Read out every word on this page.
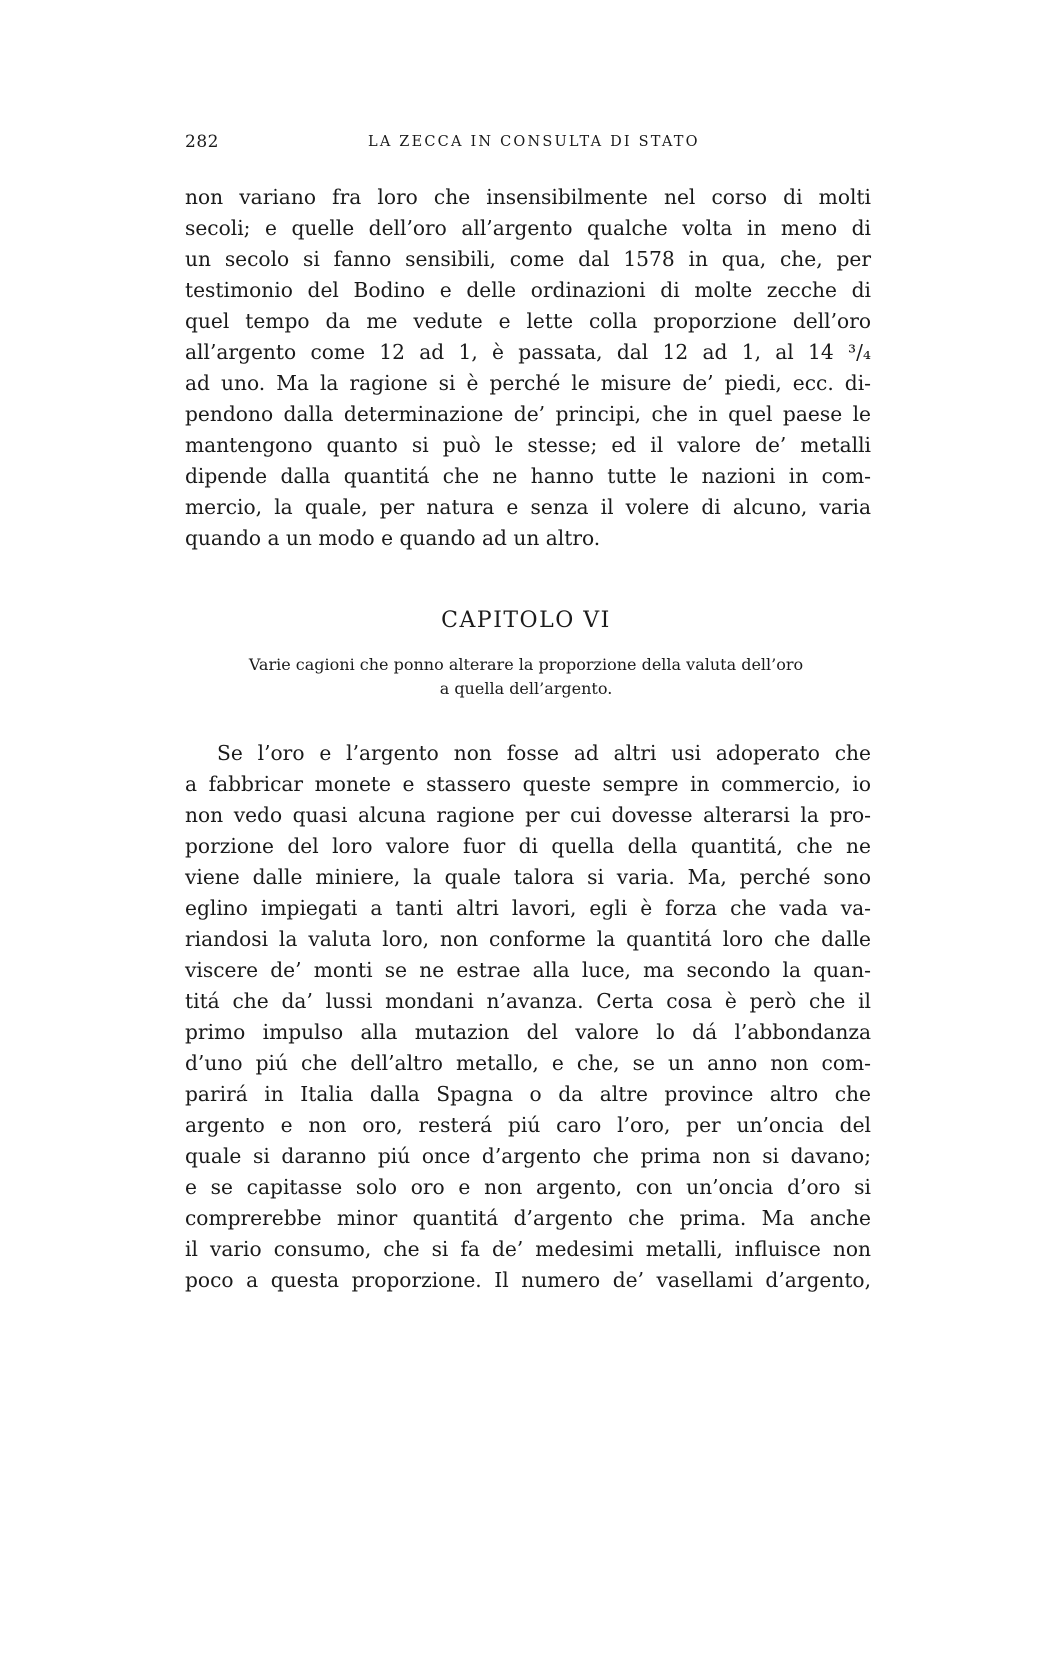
282	LA ZECCA IN CONSULTA DI STATO
non variano fra loro che insensibilmente nel corso di molti
secoli; e quelle dell’oro all’argento qualche volta in meno di
un secolo si fanno sensibili, come dal 1578 in qua, che, per
testimonio del Bodino e delle ordinazioni di molte zecche di
quel tempo da me vedute e lette colla proporzione dell’oro
all’argento come 12 ad 1, è passata, dal 12 ad 1, al 14 ³/₄
ad uno. Ma la ragione si è perché le misure de’ piedi, ecc. di-
pendono dalla determinazione de’ principi, che in quel paese le
mantengono quanto si può le stesse; ed il valore de’ metalli
dipende dalla quantitá che ne hanno tutte le nazioni in com-
mercio, la quale, per natura e senza il volere di alcuno, varia
quando a un modo e quando ad un altro.
CAPITOLO VI
Varie cagioni che ponno alterare la proporzione della valuta dell’oro
a quella dell’argento.
Se l’oro e l’argento non fosse ad altri usi adoperato che
a fabbricar monete e stassero queste sempre in commercio, io
non vedo quasi alcuna ragione per cui dovesse alterarsi la pro-
porzione del loro valore fuor di quella della quantitá, che ne
viene dalle miniere, la quale talora si varia. Ma, perché sono
eglino impiegati a tanti altri lavori, egli è forza che vada va-
riandosi la valuta loro, non conforme la quantitá loro che dalle
viscere de’ monti se ne estrae alla luce, ma secondo la quan-
titá che da’ lussi mondani n’avanza. Certa cosa è però che il
primo impulso alla mutazion del valore lo dá l’abbondanza
d’uno piú che dell’altro metallo, e che, se un anno non com-
parirá in Italia dalla Spagna o da altre province altro che
argento e non oro, resterá piú caro l’oro, per un’oncia del
quale si daranno piú once d’argento che prima non si davano;
e se capitasse solo oro e non argento, con un’oncia d’oro si
comprerebbe minor quantitá d’argento che prima. Ma anche
il vario consumo, che si fa de’ medesimi metalli, influisce non
poco a questa proporzione. Il numero de’ vasellami d’argento,
